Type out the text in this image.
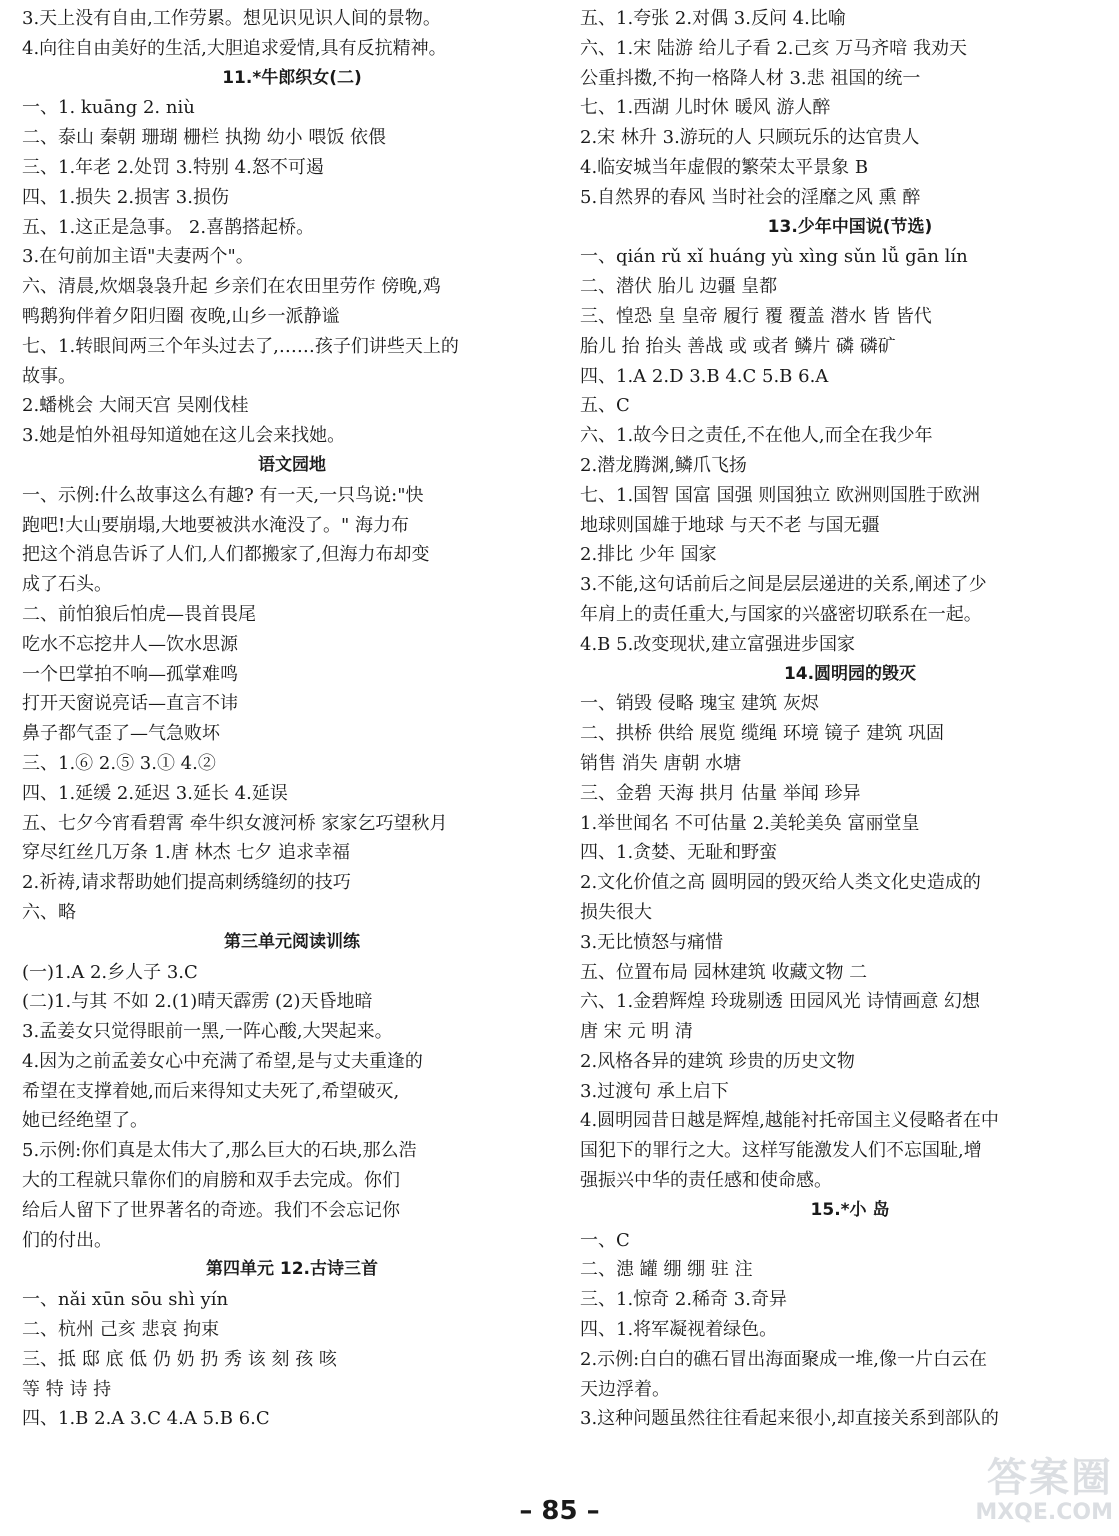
3.天上没有自由,工作劳累。想见识见识人间的景物。
4.向往自由美好的生活,大胆追求爱情,具有反抗精神。
11.*牛郎织女(二)
一、1. kuāng 2. niù
二、泰山 秦朝 珊瑚 栅栏 执拗 幼小 喂饭 依偎
三、1.年老 2.处罚 3.特别 4.怒不可遏
四、1.损失 2.损害 3.损伤
五、1.这正是急事。 2.喜鹊搭起桥。
3.在句前加主语"夫妻两个"。
六、清晨,炊烟袅袅升起 乡亲们在农田里劳作 傍晚,鸡
鸭鹅狗伴着夕阳归圈 夜晚,山乡一派静谧
七、1.转眼间两三个年头过去了,……孩子们讲些天上的
故事。
2.蟠桃会 大闹天宫 吴刚伐桂
3.她是怕外祖母知道她在这儿会来找她。
语文园地
一、示例:什么故事这么有趣? 有一天,一只鸟说:"快
跑吧!大山要崩塌,大地要被洪水淹没了。" 海力布
把这个消息告诉了人们,人们都搬家了,但海力布却变
成了石头。
二、前怕狼后怕虎—畏首畏尾
吃水不忘挖井人—饮水思源
一个巴掌拍不响—孤掌难鸣
打开天窗说亮话—直言不讳
鼻子都气歪了—气急败坏
三、1.⑥ 2.⑤ 3.① 4.②
四、1.延缓 2.延迟 3.延长 4.延误
五、七夕今宵看碧霄 牵牛织女渡河桥 家家乞巧望秋月
穿尽红丝几万条 1.唐 林杰 七夕 追求幸福
2.祈祷,请求帮助她们提高刺绣缝纫的技巧
六、略
第三单元阅读训练
(一)1.A 2.乡人子 3.C
(二)1.与其 不如 2.(1)晴天霹雳 (2)天昏地暗
3.孟姜女只觉得眼前一黑,一阵心酸,大哭起来。
4.因为之前孟姜女心中充满了希望,是与丈夫重逢的
希望在支撑着她,而后来得知丈夫死了,希望破灭,
她已经绝望了。
5.示例:你们真是太伟大了,那么巨大的石块,那么浩
大的工程就只靠你们的肩膀和双手去完成。你们
给后人留下了世界著名的奇迹。我们不会忘记你
们的付出。
第四单元 12.古诗三首
一、nǎi xūn sōu shì yín
二、杭州 己亥 悲哀 拘束
三、抵 邸 底 低 仍 奶 扔 秀 该 刻 孩 咳
等 特 诗 持
四、1.B 2.A 3.C 4.A 5.B 6.C
五、1.夸张 2.对偶 3.反问 4.比喻
六、1.宋 陆游 给儿子看 2.己亥 万马齐喑 我劝天
公重抖擞,不拘一格降人材 3.悲 祖国的统一
七、1.西湖 儿时休 暖风 游人醉
2.宋 林升 3.游玩的人 只顾玩乐的达官贵人
4.临安城当年虚假的繁荣太平景象 B
5.自然界的春风 当时社会的淫靡之风 熏 醉
13.少年中国说(节选)
一、qián rǔ xǐ huáng yù xìng sǔn lǚ gān lín
二、潜伏 胎儿 边疆 皇都
三、惶恐 皇 皇帝 履行 覆 覆盖 潜水 皆 皆代
胎儿 抬 抬头 善战 或 或者 鳞片 磷 磷矿
四、1.A 2.D 3.B 4.C 5.B 6.A
五、C
六、1.故今日之责任,不在他人,而全在我少年
2.潜龙腾渊,鳞爪飞扬
七、1.国智 国富 国强 则国独立 欧洲则国胜于欧洲
地球则国雄于地球 与天不老 与国无疆
2.排比 少年 国家
3.不能,这句话前后之间是层层递进的关系,阐述了少
年肩上的责任重大,与国家的兴盛密切联系在一起。
4.B 5.改变现状,建立富强进步国家
14.圆明园的毁灭
一、销毁 侵略 瑰宝 建筑 灰烬
二、拱桥 供给 展览 缆绳 环境 镜子 建筑 巩固
销售 消失 唐朝 水塘
三、金碧 天海 拱月 估量 举闻 珍异
1.举世闻名 不可估量 2.美轮美奂 富丽堂皇
四、1.贪婪、无耻和野蛮
2.文化价值之高 圆明园的毁灭给人类文化史造成的
损失很大
3.无比愤怒与痛惜
五、位置布局 园林建筑 收藏文物 二
六、1.金碧辉煌 玲珑剔透 田园风光 诗情画意 幻想
唐 宋 元 明 清
2.风格各异的建筑 珍贵的历史文物
3.过渡句 承上启下
4.圆明园昔日越是辉煌,越能衬托帝国主义侵略者在中
国犯下的罪行之大。这样写能激发人们不忘国耻,增
强振兴中华的责任感和使命感。
15.*小 岛
一、C
二、漶 罐 绷 绷 驻 注
三、1.惊奇 2.稀奇 3.奇异
四、1.将军凝视着绿色。
2.示例:白白的礁石冒出海面聚成一堆,像一片白云在
天边浮着。
3.这种问题虽然往往看起来很小,却直接关系到部队的
– 85 –
答案圈
MXQE.COM
